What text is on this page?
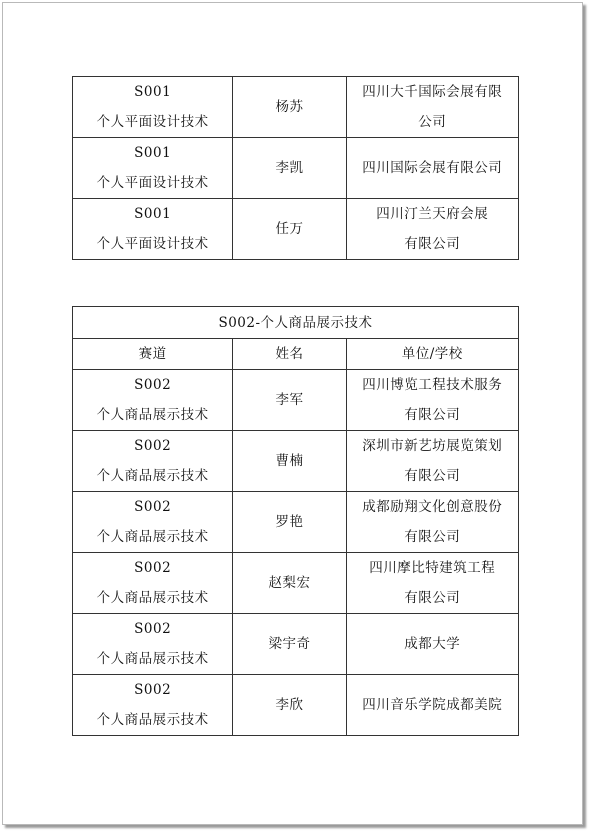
S001
个人平面设计技术	杨苏	四川大千国际会展有限
公司

S001
个人平面设计技术	李凯	四川国际会展有限公司

S001
个人平面设计技术	任万	四川汀兰天府会展
有限公司
S002-个人商品展示技术		
赛道	姓名	单位/学校

S002
个人商品展示技术	李军	四川博览工程技术服务
有限公司

S002
个人商品展示技术	曹楠	深圳市新艺坊展览策划
有限公司

S002
个人商品展示技术	罗艳	成都励翔文化创意股份
有限公司

S002
个人商品展示技术	赵梨宏	四川摩比特建筑工程
有限公司

S002
个人商品展示技术	梁宇奇	成都大学

S002
个人商品展示技术	李欣	四川音乐学院成都美院
